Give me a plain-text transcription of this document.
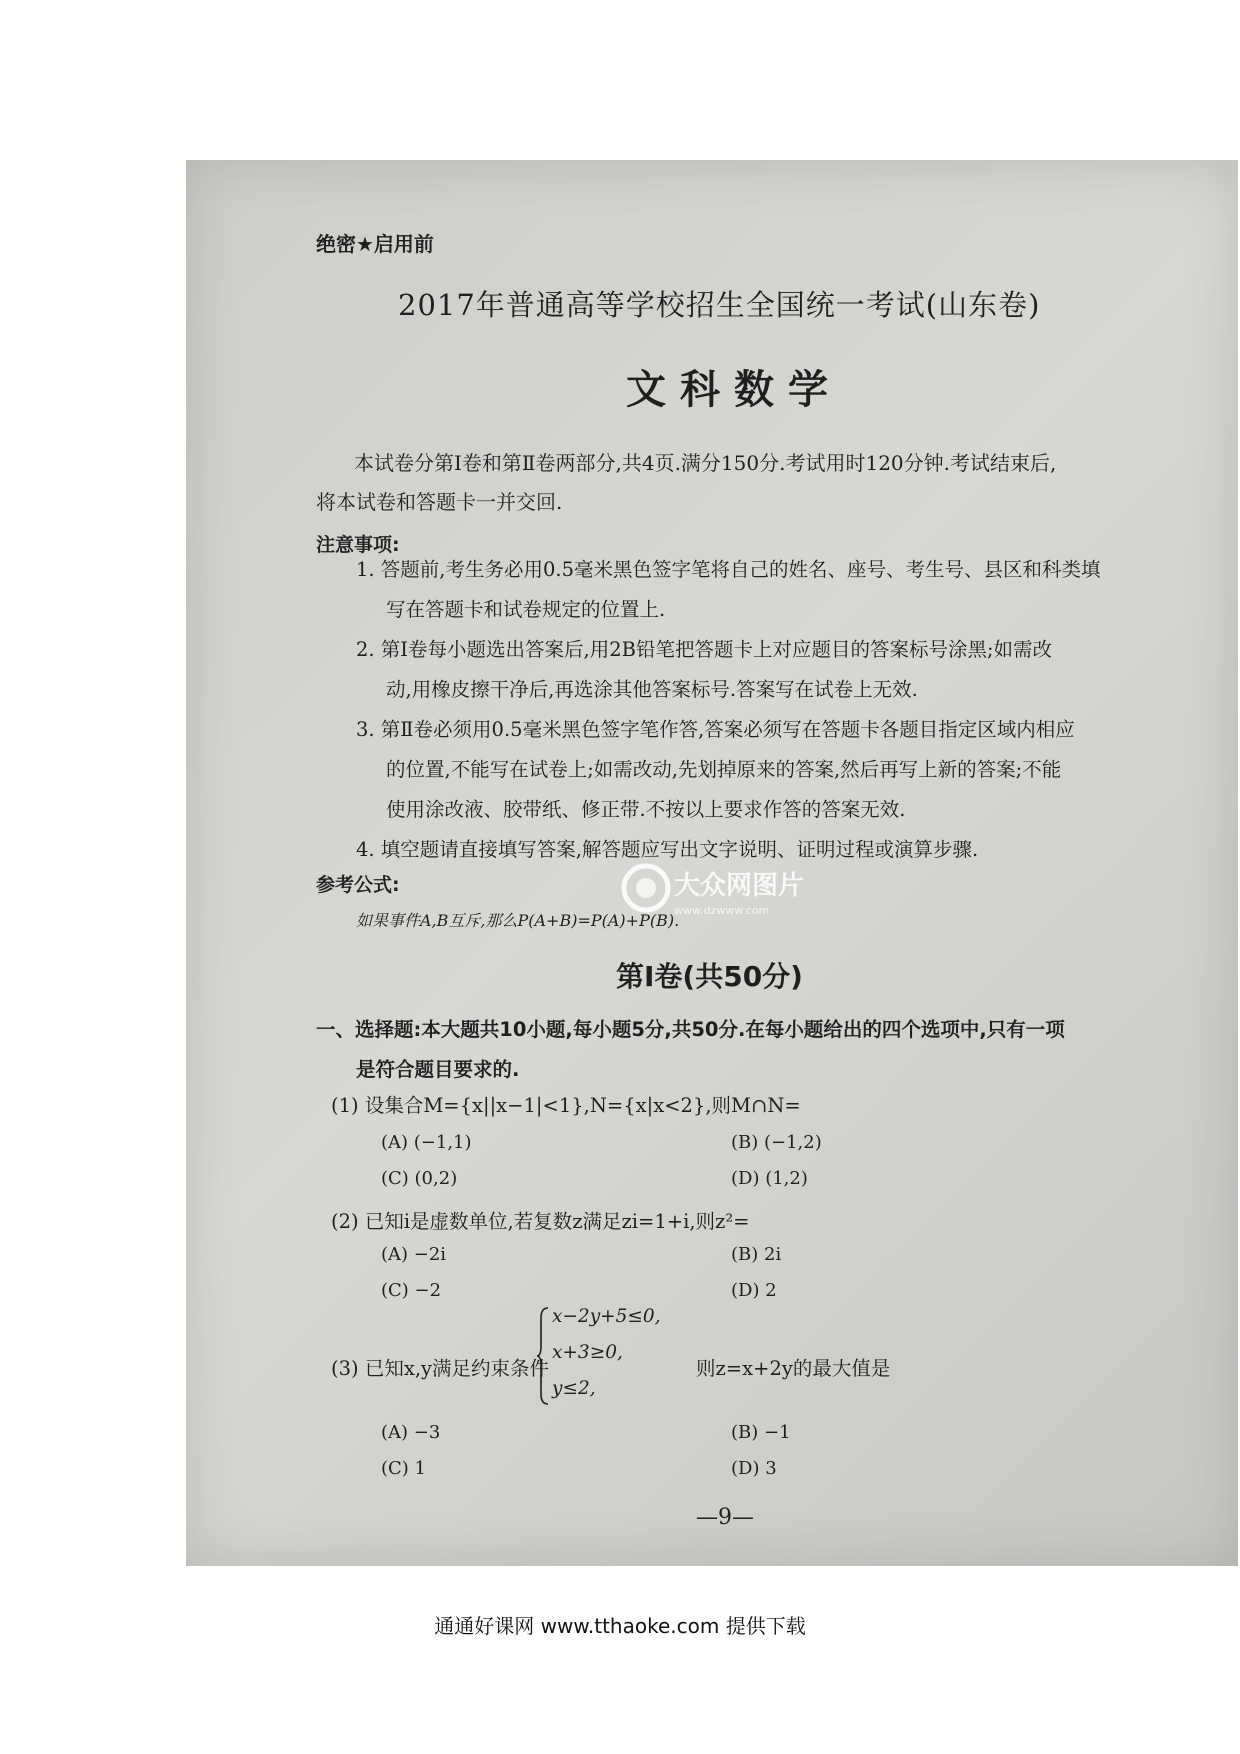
绝密★启用前
2017年普通高等学校招生全国统一考试(山东卷)
文科数学
本试卷分第Ⅰ卷和第Ⅱ卷两部分,共4页.满分150分.考试用时120分钟.考试结束后,
将本试卷和答题卡一并交回.
注意事项:
1. 答题前,考生务必用0.5毫米黑色签字笔将自己的姓名、座号、考生号、县区和科类填
写在答题卡和试卷规定的位置上.
2. 第Ⅰ卷每小题选出答案后,用2B铅笔把答题卡上对应题目的答案标号涂黑;如需改
动,用橡皮擦干净后,再选涂其他答案标号.答案写在试卷上无效.
3. 第Ⅱ卷必须用0.5毫米黑色签字笔作答,答案必须写在答题卡各题目指定区域内相应
的位置,不能写在试卷上;如需改动,先划掉原来的答案,然后再写上新的答案;不能
使用涂改液、胶带纸、修正带.不按以上要求作答的答案无效.
4. 填空题请直接填写答案,解答题应写出文字说明、证明过程或演算步骤.
参考公式:
如果事件A,B互斥,那么P(A+B)=P(A)+P(B).
大众网图片
www.dzwww.com
第Ⅰ卷(共50分)
一、选择题:本大题共10小题,每小题5分,共50分.在每小题给出的四个选项中,只有一项
是符合题目要求的.
(1) 设集合M={x||x−1|<1},N={x|x<2},则M∩N=
(A) (−1,1)	(B) (−1,2)
(C) (0,2)	(D) (1,2)
(2) 已知i是虚数单位,若复数z满足zi=1+i,则z²=
(A) −2i	(B) 2i
(C) −2	(D) 2
(3) 已知x,y满足约束条件
x−2y+5≤0,
x+3≥0,
y≤2,
则z=x+2y的最大值是
(A) −3	(B) −1
(C) 1	(D) 3
—9—
通通好课网 www.tthaoke.com 提供下载
